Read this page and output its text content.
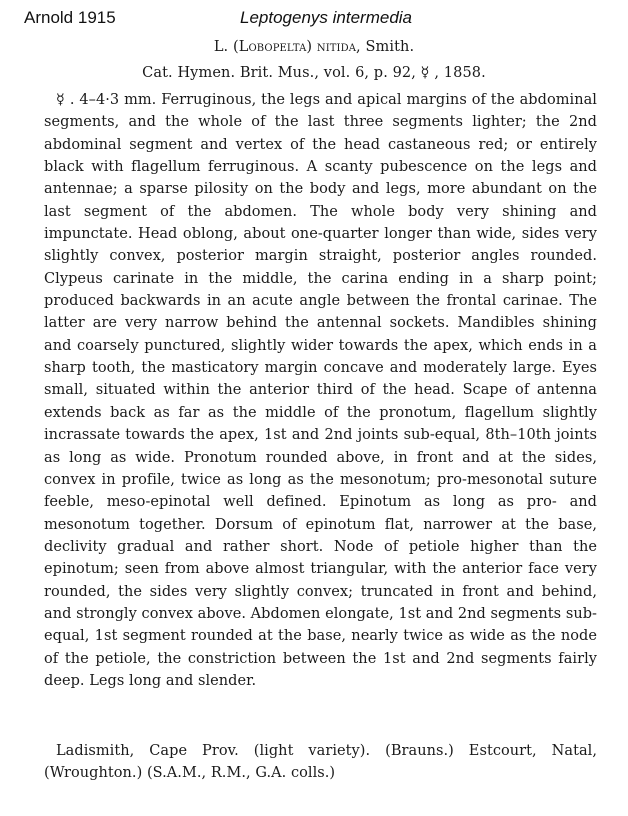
Arnold 1915	Leptogenys intermedia
L. (Lobopelta) nitida, Smith.
Cat. Hymen. Brit. Mus., vol. 6, p. 92, ☿ , 1858.

☿ . 4–4·3 mm. Ferruginous, the legs and apical margins of the abdominal segments, and the whole of the last three segments lighter; the 2nd abdominal segment and vertex of the head castaneous red; or entirely black with flagellum ferruginous. A scanty pubescence on the legs and antennae; a sparse pilosity on the body and legs, more abundant on the last segment of the abdomen. The whole body very shining and impunctate. Head oblong, about one-quarter longer than wide, sides very slightly convex, posterior margin straight, posterior angles rounded. Clypeus carinate in the middle, the carina ending in a sharp point; produced backwards in an acute angle between the frontal carinae. The latter are very narrow behind the antennal sockets. Mandibles shining and coarsely punctured, slightly wider towards the apex, which ends in a sharp tooth, the masticatory margin concave and moderately large. Eyes small, situated within the anterior third of the head. Scape of antenna extends back as far as the middle of the pronotum, flagellum slightly incrassate towards the apex, 1st and 2nd joints sub-equal, 8th–10th joints as long as wide. Pronotum rounded above, in front and at the sides, convex in profile, twice as long as the mesonotum; pro-mesonotal suture feeble, meso-epinotal well defined. Epinotum as long as pro- and mesonotum together. Dorsum of epinotum flat, narrower at the base, declivity gradual and rather short. Node of petiole higher than the epinotum; seen from above almost triangular, with the anterior face very rounded, the sides very slightly convex; truncated in front and behind, and strongly convex above. Abdomen elongate, 1st and 2nd segments sub-equal, 1st segment rounded at the base, nearly twice as wide as the node of the petiole, the constriction between the 1st and 2nd segments fairly deep. Legs long and slender.

Ladismith, Cape Prov. (light variety). (Brauns.) Estcourt, Natal, (Wroughton.) (S.A.M., R.M., G.A. colls.)
